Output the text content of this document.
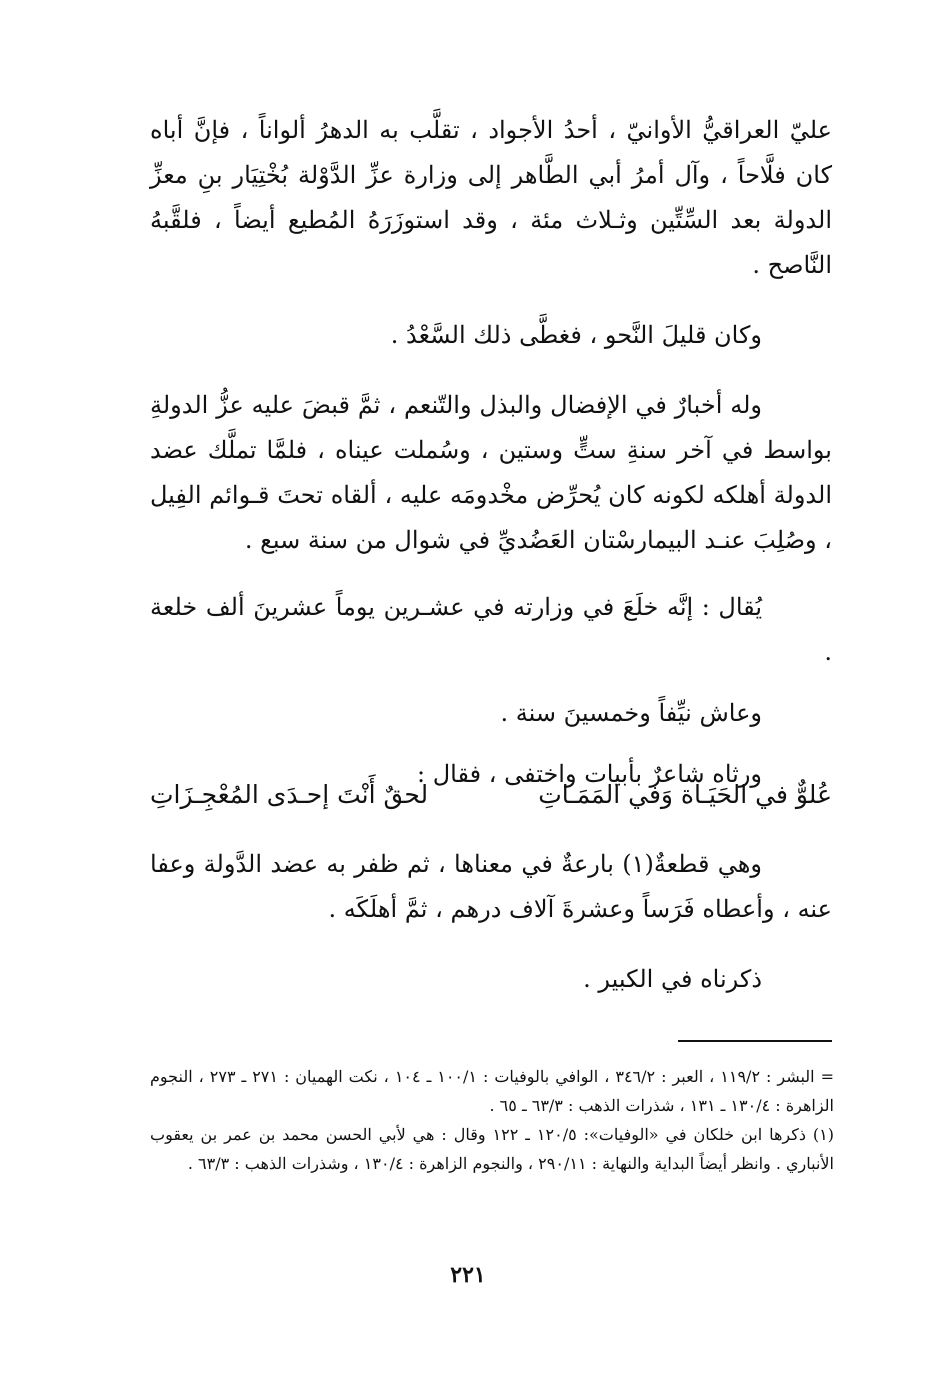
عليّ العراقيُّ الأوانيّ ، أحدُ الأجواد ، تقلَّب به الدهرُ ألواناً ، فإنَّ أباه كان فلَّاحاً ، وآل أمرُ أبي الطَّاهر إلى وزارة عزِّ الدَّوْلة بُخْتِيَار بنِ معزِّ الدولة بعد السِّتِّين وثـلاث مئة ، وقد استوزَرَهُ المُطيع أيضاً ، فلقَّبهُ النَّاصح .

وكان قليلَ النَّحو ، فغطَّى ذلك السَّعْدُ .

وله أخبارٌ في الإفضال والبذل والتّنعم ، ثمَّ قبضَ عليه عزُّ الدولةِ بواسط في آخر سنةِ ستٍّ وستين ، وسُملت عيناه ، فلمَّا تملَّك عضد الدولة أهلكه لكونه كان يُحرِّض مخْدومَه عليه ، ألقاه تحتَ قـوائم الفِيل ، وصُلِبَ عنـد البيمارسْتان العَضُديِّ في شوال من سنة سبع .

يُقال : إنَّه خلَعَ في وزارته في عشـرين يوماً عشرينَ ألف خلعة .

وعاش نيِّفاً وخمسينَ سنة .

ورثاه شاعرٌ بأبيات واختفى ، فقال :

عُلوٌّ في الحَيَـاة وَفي المَمَـاتِ
لحقٌ أَنْتَ إحـدَى المُعْجِـزَاتِ

وهي قطعةٌ(١) بارعةٌ في معناها ، ثم ظفر به عضد الدَّولة وعفا عنه ، وأعطاه فَرَساً وعشرةَ آلاف درهم ، ثمَّ أهلَكَه .

ذكرناه في الكبير .

= البشر : ١١٩/٢ ، العبر : ٣٤٦/٢ ، الوافي بالوفيات : ١٠٠/١ ـ ١٠٤ ، نكت الهميان : ٢٧١ ـ ٢٧٣ ، النجوم الزاهرة : ١٣٠/٤ ـ ١٣١ ، شذرات الذهب : ٦٣/٣ ـ ٦٥ .

(١) ذكرها ابن خلكان في «الوفيات»: ١٢٠/٥ ـ ١٢٢ وقال : هي لأبي الحسن محمد بن عمر بن يعقوب الأنباري . وانظر أيضاً البداية والنهاية : ٢٩٠/١١ ، والنجوم الزاهرة : ١٣٠/٤ ، وشذرات الذهب : ٦٣/٣ .

٢٢١
